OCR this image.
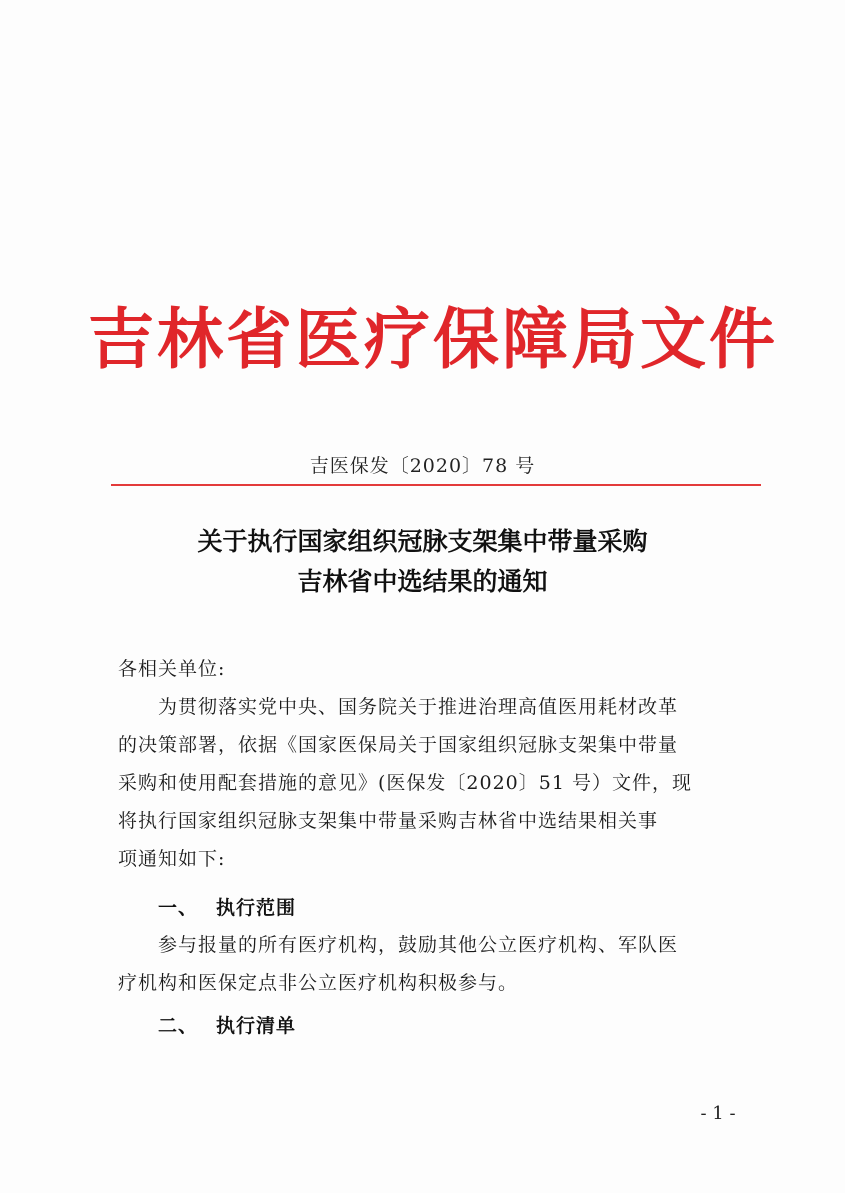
吉林省医疗保障局文件
吉医保发〔2020〕78 号
关于执行国家组织冠脉支架集中带量采购
吉林省中选结果的通知
各相关单位:
为贯彻落实党中央、国务院关于推进治理高值医用耗材改革
的决策部署，依据《国家医保局关于国家组织冠脉支架集中带量
采购和使用配套措施的意见》(医保发〔2020〕51 号）文件，现
将执行国家组织冠脉支架集中带量采购吉林省中选结果相关事
项通知如下:
一、 执行范围
参与报量的所有医疗机构，鼓励其他公立医疗机构、军队医
疗机构和医保定点非公立医疗机构积极参与。
二、 执行清单
- 1 -
